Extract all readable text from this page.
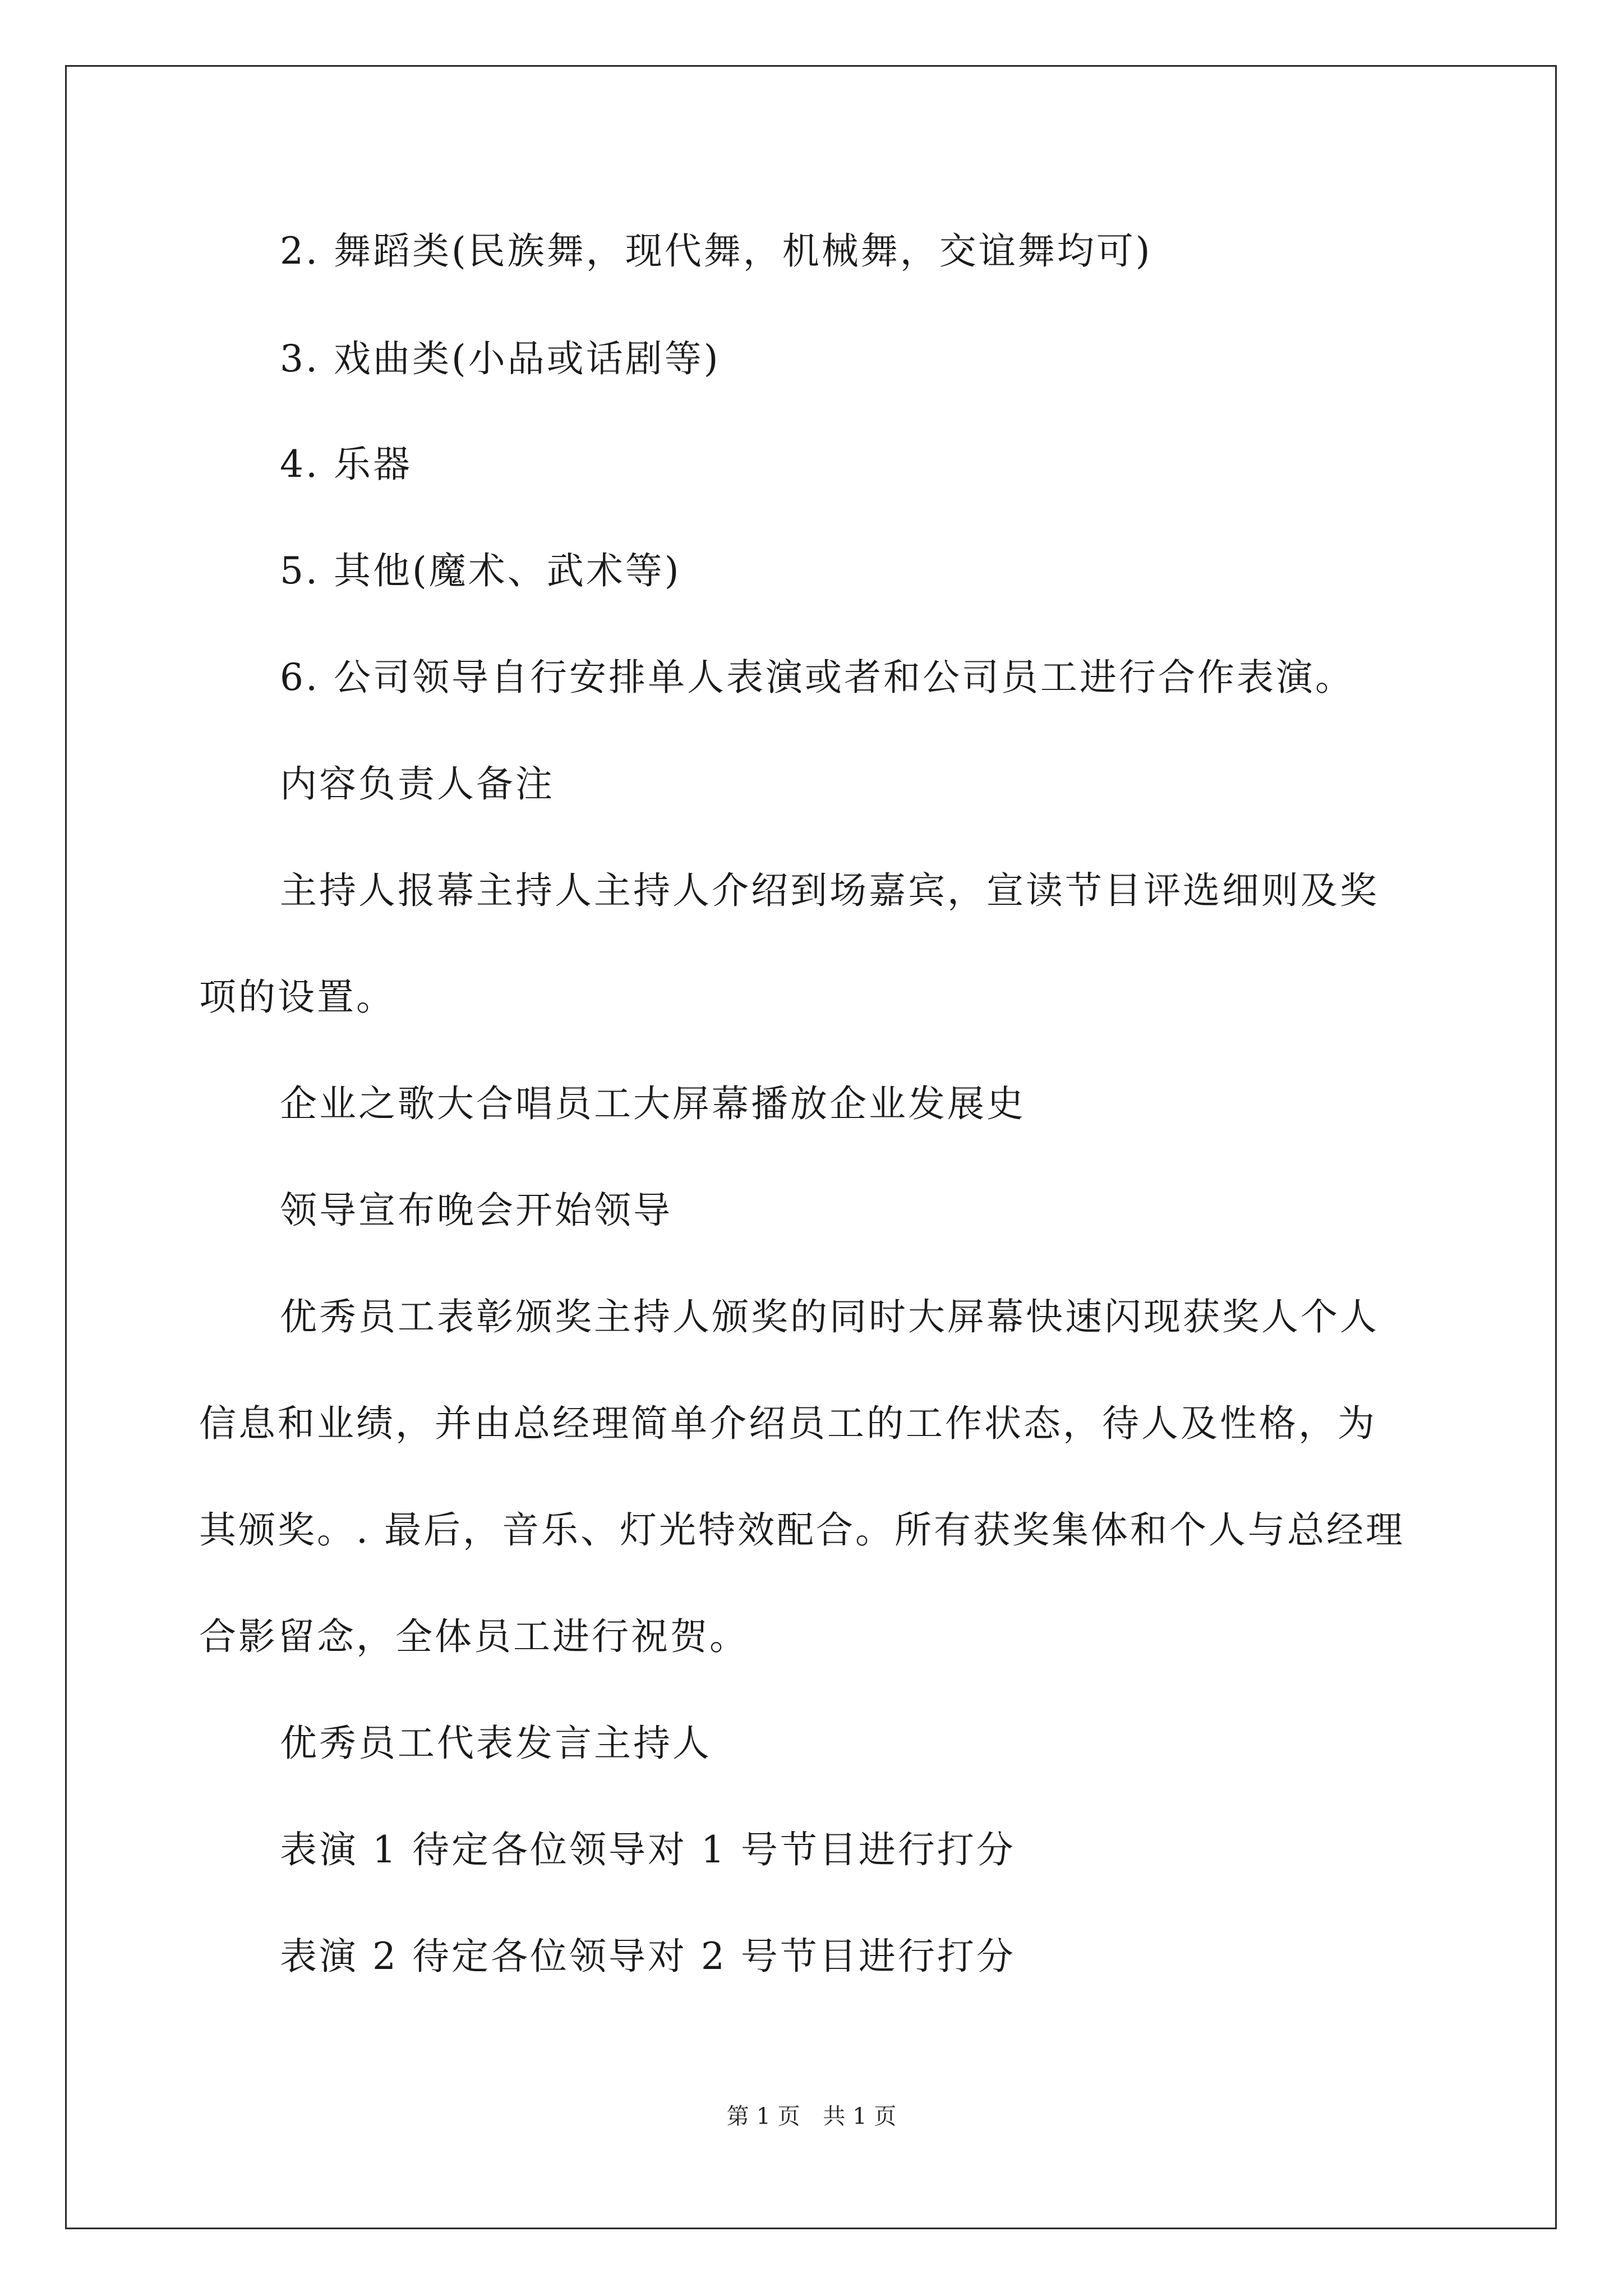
2. 舞蹈类(民族舞，现代舞，机械舞，交谊舞均可)
3. 戏曲类(小品或话剧等)
4. 乐器
5. 其他(魔术、武术等)
6. 公司领导自行安排单人表演或者和公司员工进行合作表演。
内容负责人备注
主持人报幕主持人主持人介绍到场嘉宾，宣读节目评选细则及奖
项的设置。
企业之歌大合唱员工大屏幕播放企业发展史
领导宣布晚会开始领导
优秀员工表彰颁奖主持人颁奖的同时大屏幕快速闪现获奖人个人
信息和业绩，并由总经理简单介绍员工的工作状态，待人及性格，为
其颁奖。. 最后，音乐、灯光特效配合。所有获奖集体和个人与总经理
合影留念，全体员工进行祝贺。
优秀员工代表发言主持人
表演 1 待定各位领导对 1 号节目进行打分
表演 2 待定各位领导对 2 号节目进行打分
第 1 页 共 1 页
